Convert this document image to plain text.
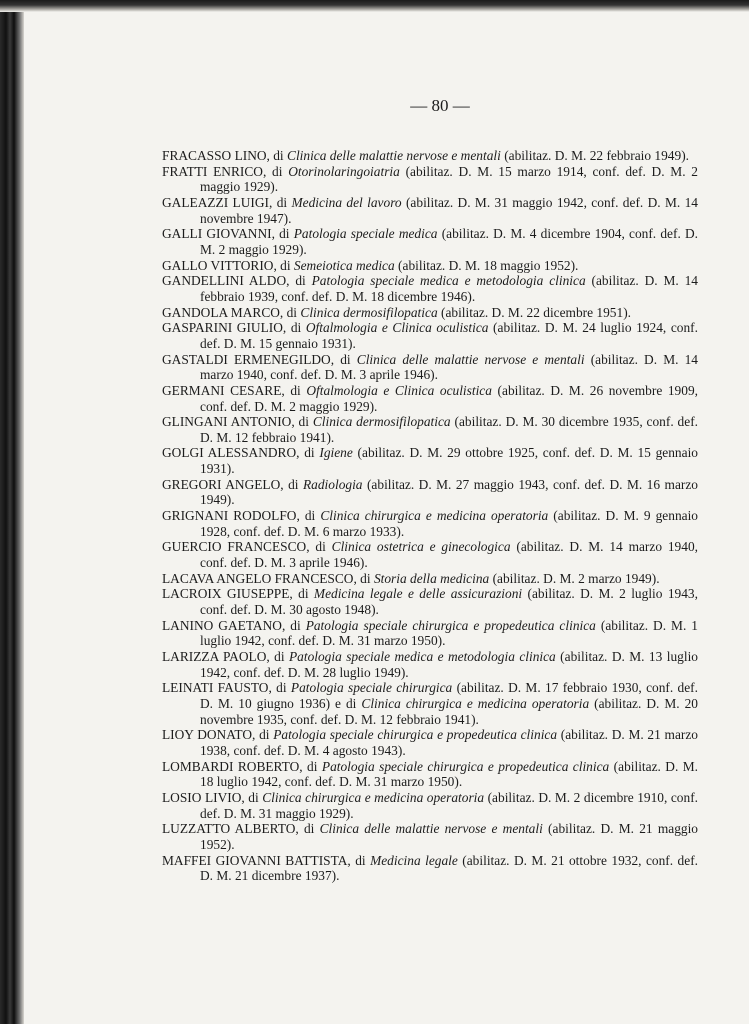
— 80 —
FRACASSO LINO, di Clinica delle malattie nervose e mentali (abilitaz. D. M. 22 febbraio 1949).
FRATTI ENRICO, di Otorinolaringoiatria (abilitaz. D. M. 15 marzo 1914, conf. def. D. M. 2 maggio 1929).
GALEAZZI LUIGI, di Medicina del lavoro (abilitaz. D. M. 31 maggio 1942, conf. def. D. M. 14 novembre 1947).
GALLI GIOVANNI, di Patologia speciale medica (abilitaz. D. M. 4 dicembre 1904, conf. def. D. M. 2 maggio 1929).
GALLO VITTORIO, di Semeiotica medica (abilitaz. D. M. 18 maggio 1952).
GANDELLINI ALDO, di Patologia speciale medica e metodologia clinica (abilitaz. D. M. 14 febbraio 1939, conf. def. D. M. 18 dicembre 1946).
GANDOLA MARCO, di Clinica dermosifilopatica (abilitaz. D. M. 22 dicembre 1951).
GASPARINI GIULIO, di Oftalmologia e Clinica oculistica (abilitaz. D. M. 24 luglio 1924, conf. def. D. M. 15 gennaio 1931).
GASTALDI ERMENEGILDO, di Clinica delle malattie nervose e mentali (abilitaz. D. M. 14 marzo 1940, conf. def. D. M. 3 aprile 1946).
GERMANI CESARE, di Oftalmologia e Clinica oculistica (abilitaz. D. M. 26 novembre 1909, conf. def. D. M. 2 maggio 1929).
GLINGANI ANTONIO, di Clinica dermosifilopatica (abilitaz. D. M. 30 dicembre 1935, conf. def. D. M. 12 febbraio 1941).
GOLGI ALESSANDRO, di Igiene (abilitaz. D. M. 29 ottobre 1925, conf. def. D. M. 15 gennaio 1931).
GREGORI ANGELO, di Radiologia (abilitaz. D. M. 27 maggio 1943, conf. def. D. M. 16 marzo 1949).
GRIGNANI RODOLFO, di Clinica chirurgica e medicina operatoria (abilitaz. D. M. 9 gennaio 1928, conf. def. D. M. 6 marzo 1933).
GUERCIO FRANCESCO, di Clinica ostetrica e ginecologica (abilitaz. D. M. 14 marzo 1940, conf. def. D. M. 3 aprile 1946).
LACAVA ANGELO FRANCESCO, di Storia della medicina (abilitaz. D. M. 2 marzo 1949).
LACROIX GIUSEPPE, di Medicina legale e delle assicurazioni (abilitaz. D. M. 2 luglio 1943, conf. def. D. M. 30 agosto 1948).
LANINO GAETANO, di Patologia speciale chirurgica e propedeutica clinica (abilitaz. D. M. 1 luglio 1942, conf. def. D. M. 31 marzo 1950).
LARIZZA PAOLO, di Patologia speciale medica e metodologia clinica (abilitaz. D. M. 13 luglio 1942, conf. def. D. M. 28 luglio 1949).
LEINATI FAUSTO, di Patologia speciale chirurgica (abilitaz. D. M. 17 febbraio 1930, conf. def. D. M. 10 giugno 1936) e di Clinica chirurgica e medicina operatoria (abilitaz. D. M. 20 novembre 1935, conf. def. D. M. 12 febbraio 1941).
LIOY DONATO, di Patologia speciale chirurgica e propedeutica clinica (abilitaz. D. M. 21 marzo 1938, conf. def. D. M. 4 agosto 1943).
LOMBARDI ROBERTO, di Patologia speciale chirurgica e propedeutica clinica (abilitaz. D. M. 18 luglio 1942, conf. def. D. M. 31 marzo 1950).
LOSIO LIVIO, di Clinica chirurgica e medicina operatoria (abilitaz. D. M. 2 dicembre 1910, conf. def. D. M. 31 maggio 1929).
LUZZATTO ALBERTO, di Clinica delle malattie nervose e mentali (abilitaz. D. M. 21 maggio 1952).
MAFFEI GIOVANNI BATTISTA, di Medicina legale (abilitaz. D. M. 21 ottobre 1932, conf. def. D. M. 21 dicembre 1937).
